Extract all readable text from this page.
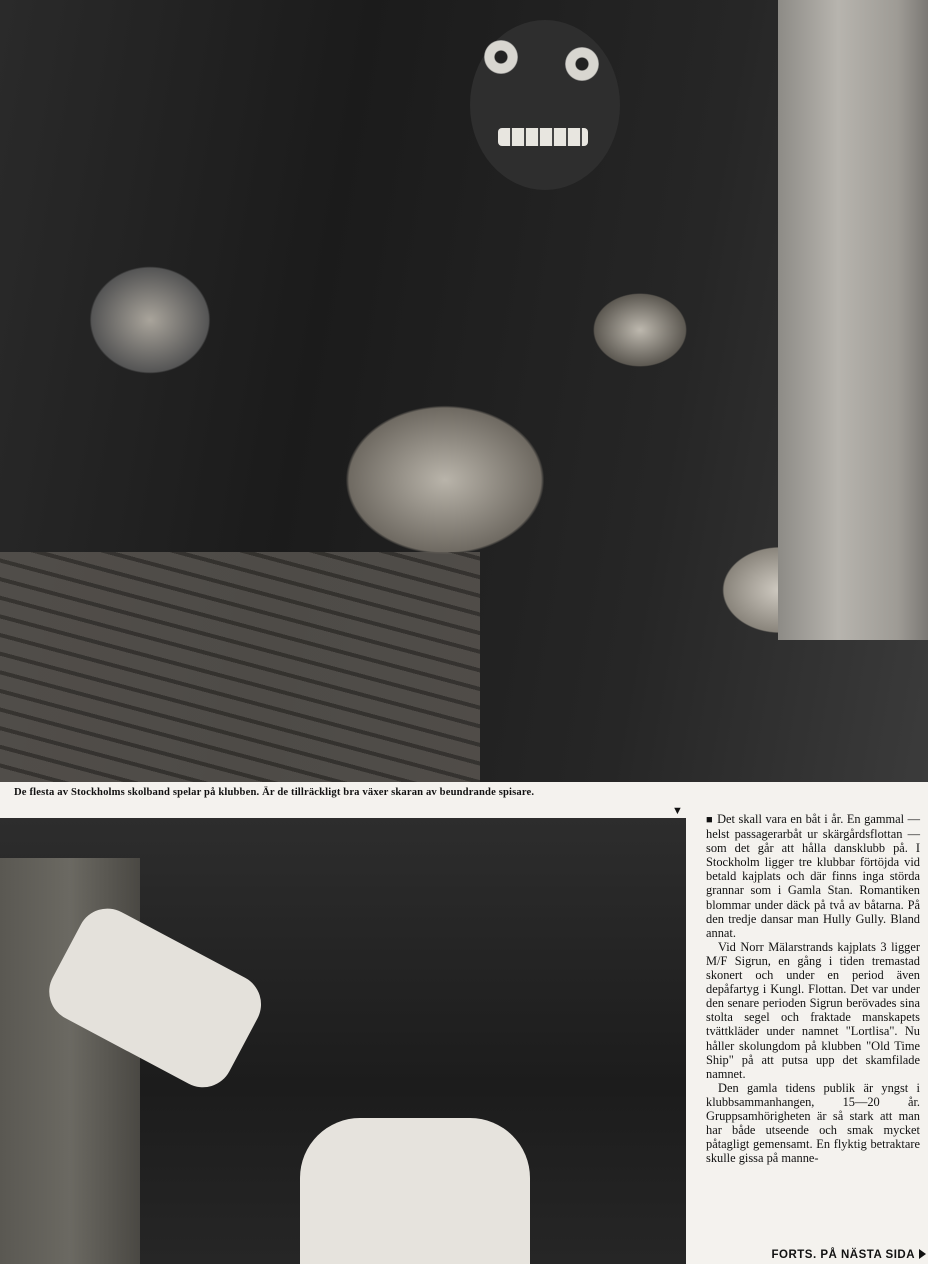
De flesta av Stockholms skolband spelar på klubben. Är de tillräckligt bra växer skaran av beundrande spisare.
▼

■ Det skall vara en båt i år. En gammal — helst passagerarbåt ur skärgårdsflottan — som det går att hålla dansklubb på. I Stockholm ligger tre klubbar förtöjda vid betald kajplats och där finns inga störda grannar som i Gamla Stan. Romantiken blommar under däck på två av båtarna. På den tredje dansar man Hully Gully. Bland annat.

Vid Norr Mälarstrands kajplats 3 ligger M/F Sigrun, en gång i tiden tremastad skonert och under en period även depåfartyg i Kungl. Flottan. Det var under den senare perioden Sigrun berövades sina stolta segel och fraktade manskapets tvättkläder under namnet "Lortlisa". Nu håller skolungdom på klubben "Old Time Ship" på att putsa upp det skamfilade namnet.

Den gamla tidens publik är yngst i klubbsammanhangen, 15—20 år. Gruppsamhörigheten är så stark att man har både utseende och smak mycket påtagligt gemensamt. En flyktig betraktare skulle gissa på manne-

FORTS. PÅ NÄSTA SIDA
